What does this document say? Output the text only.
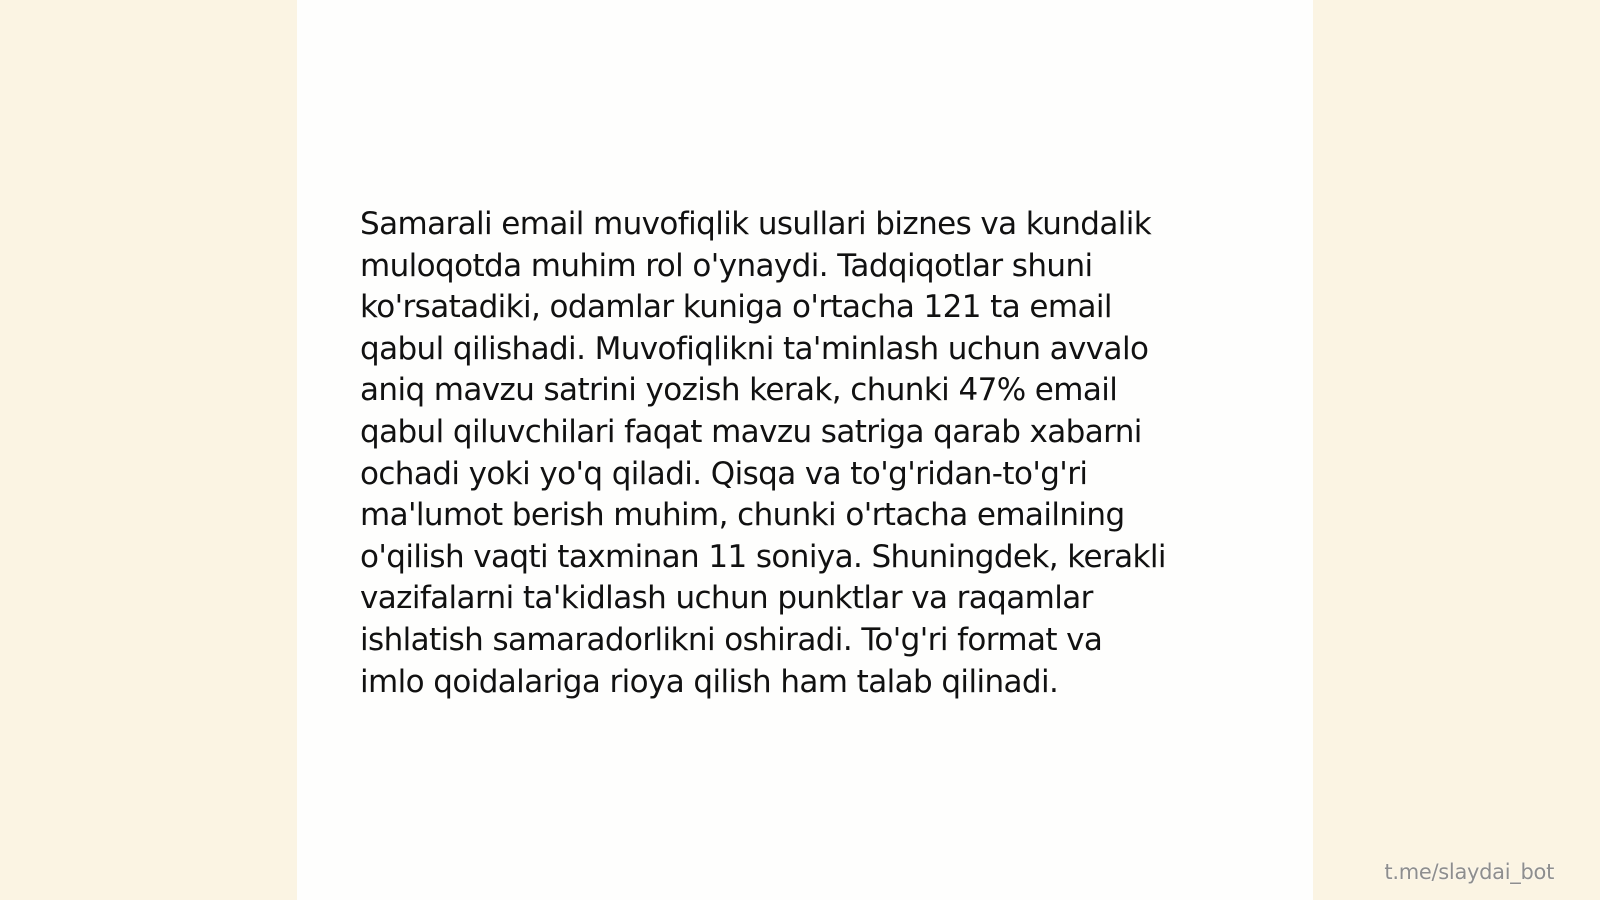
Samarali email muvofiqlik usullari biznes va kundalik
muloqotda muhim rol o'ynaydi. Tadqiqotlar shuni
ko'rsatadiki, odamlar kuniga o'rtacha 121 ta email
qabul qilishadi. Muvofiqlikni ta'minlash uchun avvalo
aniq mavzu satrini yozish kerak, chunki 47% email
qabul qiluvchilari faqat mavzu satriga qarab xabarni
ochadi yoki yo'q qiladi. Qisqa va to'g'ridan-to'g'ri
ma'lumot berish muhim, chunki o'rtacha emailning
o'qilish vaqti taxminan 11 soniya. Shuningdek, kerakli
vazifalarni ta'kidlash uchun punktlar va raqamlar
ishlatish samaradorlikni oshiradi. To'g'ri format va
imlo qoidalariga rioya qilish ham talab qilinadi.

t.me/slaydai_bot
